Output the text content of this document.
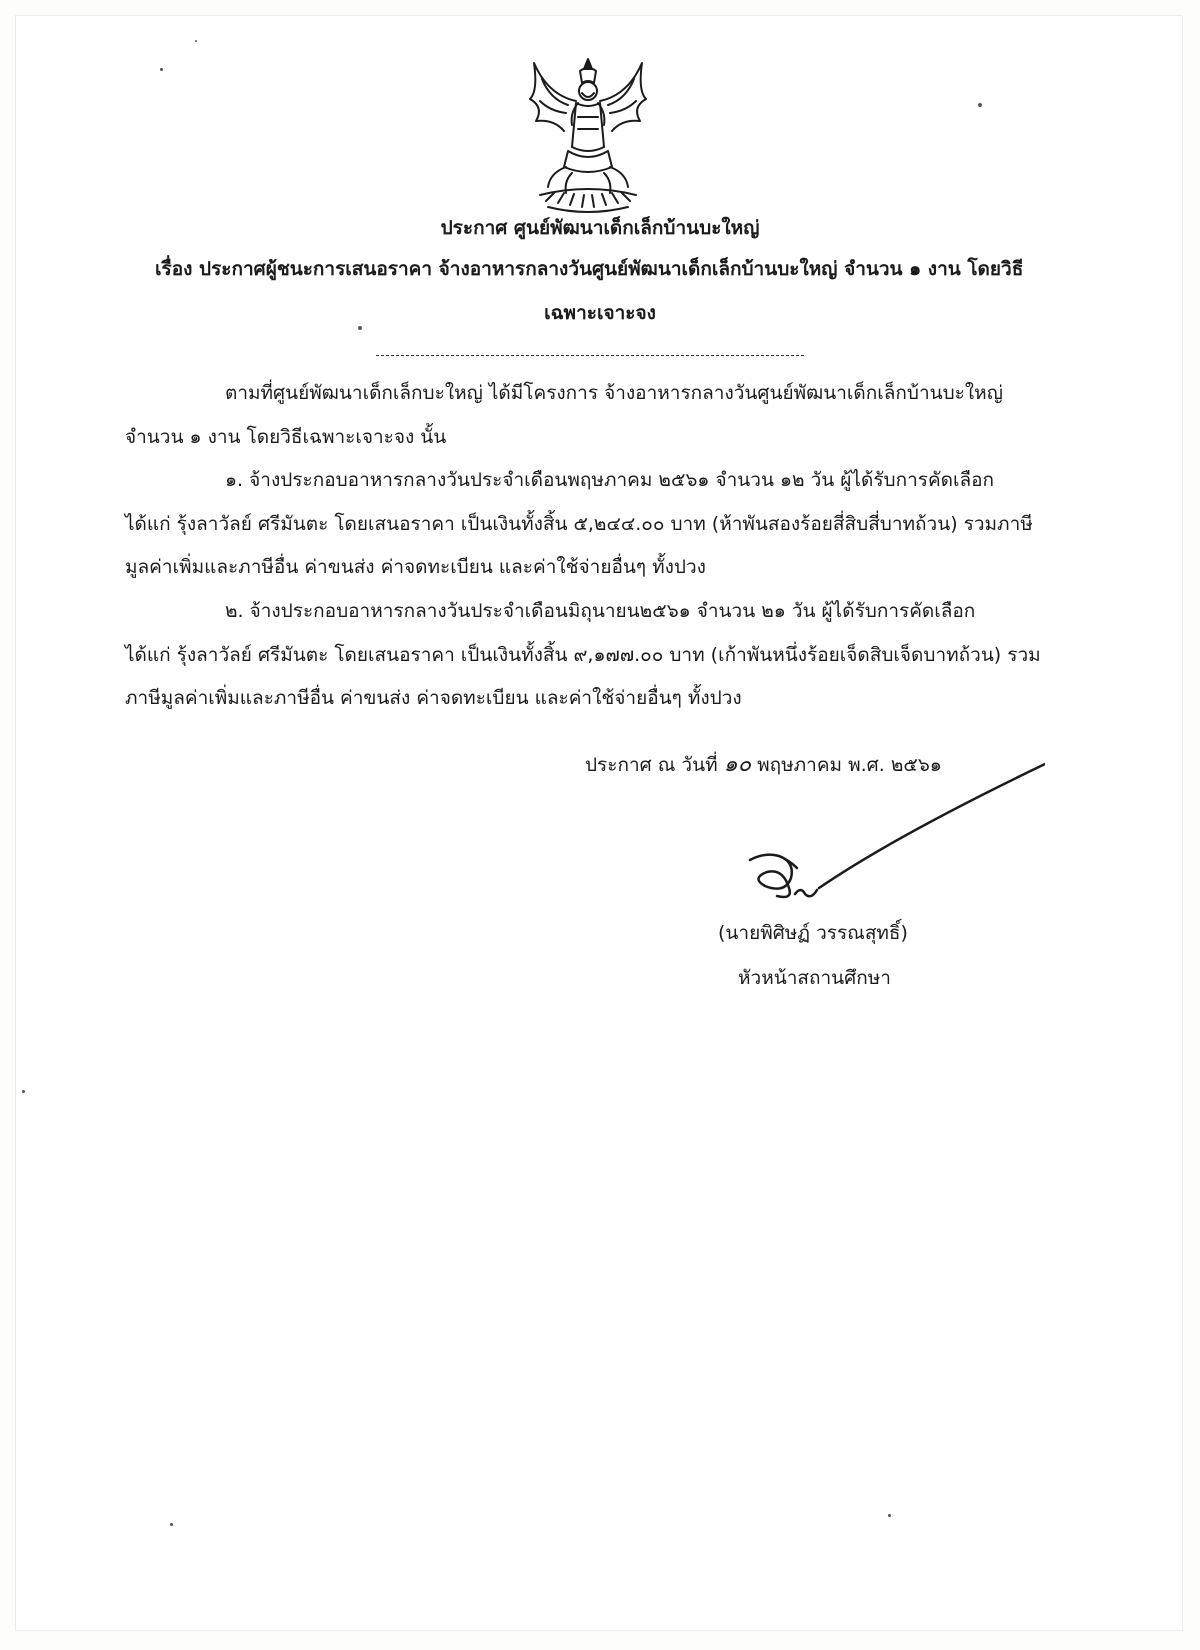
ประกาศ ศูนย์พัฒนาเด็กเล็กบ้านบะใหญ่
เรื่อง ประกาศผู้ชนะการเสนอราคา จ้างอาหารกลางวันศูนย์พัฒนาเด็กเล็กบ้านบะใหญ่ จำนวน ๑ งาน โดยวิธี
เฉพาะเจาะจง
ตามที่ศูนย์พัฒนาเด็กเล็กบะใหญ่ ได้มีโครงการ จ้างอาหารกลางวันศูนย์พัฒนาเด็กเล็กบ้านบะใหญ่
จำนวน ๑ งาน โดยวิธีเฉพาะเจาะจง นั้น
๑. จ้างประกอบอาหารกลางวันประจำเดือนพฤษภาคม ๒๕๖๑ จำนวน ๑๒ วัน ผู้ได้รับการคัดเลือก
ได้แก่ รุ้งลาวัลย์ ศรีมันตะ โดยเสนอราคา เป็นเงินทั้งสิ้น ๕,๒๔๔.๐๐ บาท (ห้าพันสองร้อยสี่สิบสี่บาทถ้วน) รวมภาษี
มูลค่าเพิ่มและภาษีอื่น ค่าขนส่ง ค่าจดทะเบียน และค่าใช้จ่ายอื่นๆ ทั้งปวง
๒. จ้างประกอบอาหารกลางวันประจำเดือนมิถุนายน๒๕๖๑ จำนวน ๒๑ วัน ผู้ได้รับการคัดเลือก
ได้แก่ รุ้งลาวัลย์ ศรีมันตะ โดยเสนอราคา เป็นเงินทั้งสิ้น ๙,๑๗๗.๐๐ บาท (เก้าพันหนึ่งร้อยเจ็ดสิบเจ็ดบาทถ้วน) รวม
ภาษีมูลค่าเพิ่มและภาษีอื่น ค่าขนส่ง ค่าจดทะเบียน และค่าใช้จ่ายอื่นๆ ทั้งปวง
ประกาศ ณ วันที่ ๑๐ พฤษภาคม พ.ศ. ๒๕๖๑
(นายพิศิษฏ์ วรรณสุทธิ์)
หัวหน้าสถานศึกษา
